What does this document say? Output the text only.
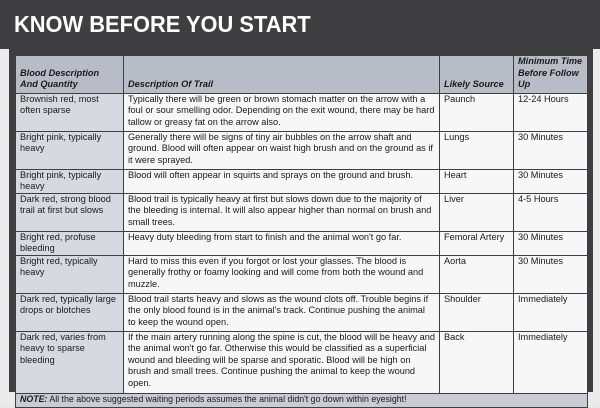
KNOW BEFORE YOU START
Blood Description And Quantity	Description Of Trail	Likely Source	Minimum Time Before Follow Up
Brownish red, most often sparse	Typically there will be green or brown stomach matter on the arrow with a foul or sour smelling odor. Depending on the exit wound, there may be hard tallow or greasy fat on the arrow also.	Paunch	12-24 Hours
Bright pink, typically heavy	Generally there will be signs of tiny air bubbles on the arrow shaft and ground. Blood will often appear on waist high brush and on the ground as if it were sprayed.	Lungs	30 Minutes
Bright pink, typically heavy	Blood will often appear in squirts and sprays on the ground and brush.	Heart	30 Minutes
Dark red, strong blood trail at first but slows	Blood trail is typically heavy at first but slows down due to the majority of the bleeding is internal. It will also appear higher than normal on brush and small trees.	Liver	4-5 Hours
Bright red, profuse bleeding	Heavy duty bleeding from start to finish and the animal won't go far.	Femoral Artery	30 Minutes
Bright red, typically heavy	Hard to miss this even if you forgot or lost your glasses. The blood is generally frothy or foamy looking and will come from both the wound and muzzle.	Aorta	30 Minutes
Dark red, typically large drops or blotches	Blood trail starts heavy and slows as the wound clots off. Trouble begins if the only blood found is in the animal's track. Continue pushing the animal to keep the wound open.	Shoulder	Immediately
Dark red, varies from heavy to sparse bleeding	If the main artery running along the spine is cut, the blood will be heavy and the animal won't go far. Otherwise this would be classified as a superficial wound and bleeding will be sparse and sporatic. Blood will be high on brush and small trees. Continue pushing the animal to keep the wound open.	Back	Immediately
NOTE: All the above suggested waiting periods assumes the animal didn't go down within eyesight!			
